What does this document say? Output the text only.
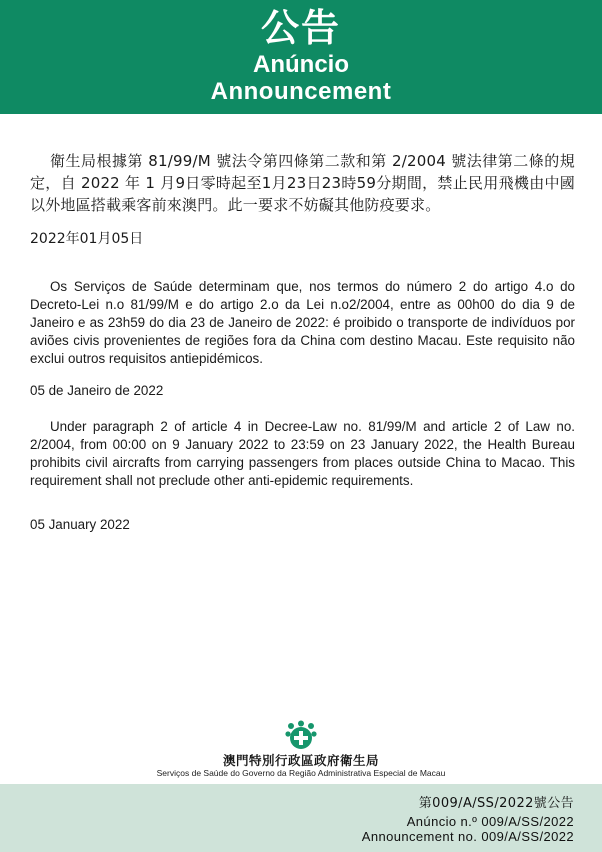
公告
Anúncio
Announcement

衛生局根據第 81/99/M 號法令第四條第二款和第 2/2004 號法律第二條的規定，自 2022 年 1 月9日零時起至1月23日23時59分期間，禁止民用飛機由中國以外地區搭載乘客前來澳門。此一要求不妨礙其他防疫要求。

2022年01月05日

Os Serviços de Saúde determinam que, nos termos do número 2 do artigo 4.o do Decreto-Lei n.o 81/99/M e do artigo 2.o da Lei n.o2/2004, entre as 00h00 do dia 9 de Janeiro e as 23h59 do dia 23 de Janeiro de 2022: é proibido o transporte de indivíduos por aviões civis provenientes de regiões fora da China com destino Macau. Este requisito não exclui outros requisitos antiepidémicos.

05 de Janeiro de 2022

Under paragraph 2 of article 4 in Decree-Law no. 81/99/M and article 2 of Law no. 2/2004, from 00:00 on 9 January 2022 to 23:59 on 23 January 2022, the Health Bureau prohibits civil aircrafts from carrying passengers from places outside China to Macao. This requirement shall not preclude other anti-epidemic requirements.

05 January 2022
澳門特別行政區政府衛生局
Serviços de Saúde do Governo da Região Administrativa Especial de Macau
第009/A/SS/2022號公告
Anúncio n.º 009/A/SS/2022
Announcement no. 009/A/SS/2022
